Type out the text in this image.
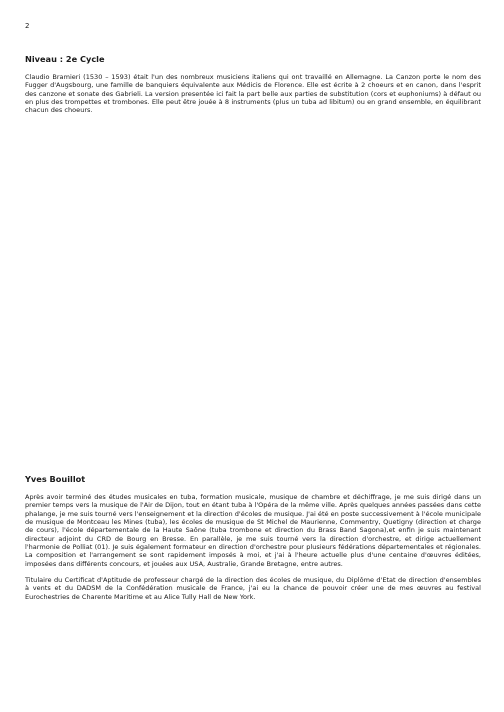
2
Niveau : 2e Cycle

Claudio Bramieri (1530 – 1593) était l'un des nombreux musiciens italiens qui ont travaillé en Allemagne. La Canzon porte le nom des Fugger d'Augsbourg, une famille de banquiers équivalente aux Médicis de Florence. Elle est écrite à 2 choeurs et en canon, dans l'esprit des canzone et sonate des Gabrieli. La version presentée ici fait la part belle aux parties de substitution (cors et euphoniums) à défaut ou en plus des trompettes et trombones. Elle peut être jouée à 8 instruments (plus un tuba ad libitum) ou en grand ensemble, en équilibrant chacun des choeurs.

Yves Bouillot

Après avoir terminé des études musicales en tuba, formation musicale, musique de chambre et déchiffrage, je me suis dirigé dans un premier temps vers la musique de l'Air de Dijon, tout en étant tuba à l'Opéra de la même ville. Après quelques années passées dans cette phalange, je me suis tourné vers l'enseignement et la direction d'écoles de musique. J'ai été en poste successivement à l'école municipale de musique de Montceau les Mines (tuba), les écoles de musique de St Michel de Maurienne, Commentry, Quetigny (direction et charge de cours), l'école départementale de la Haute Saône (tuba trombone et direction du Brass Band Sagona),et enfin je suis maintenant directeur adjoint du CRD de Bourg en Bresse. En parallèle, je me suis tourné vers la direction d'orchestre, et dirige actuellement l'harmonie de Polliat (01). Je suis également formateur en direction d'orchestre pour plusieurs fédérations départementales et régionales. La composition et l'arrangement se sont rapidement imposés à moi, et j'ai à l'heure actuelle plus d'une centaine d'œuvres éditées, imposées dans différents concours, et jouées aux USA, Australie, Grande Bretagne, entre autres.

Titulaire du Certificat d'Aptitude de professeur chargé de la direction des écoles de musique, du Diplôme d'Etat de direction d'ensembles à vents et du DADSM de la Confédération musicale de France, j'ai eu la chance de pouvoir créer une de mes œuvres au festival Eurochestries de Charente Maritime et au Alice Tully Hall de New York.
